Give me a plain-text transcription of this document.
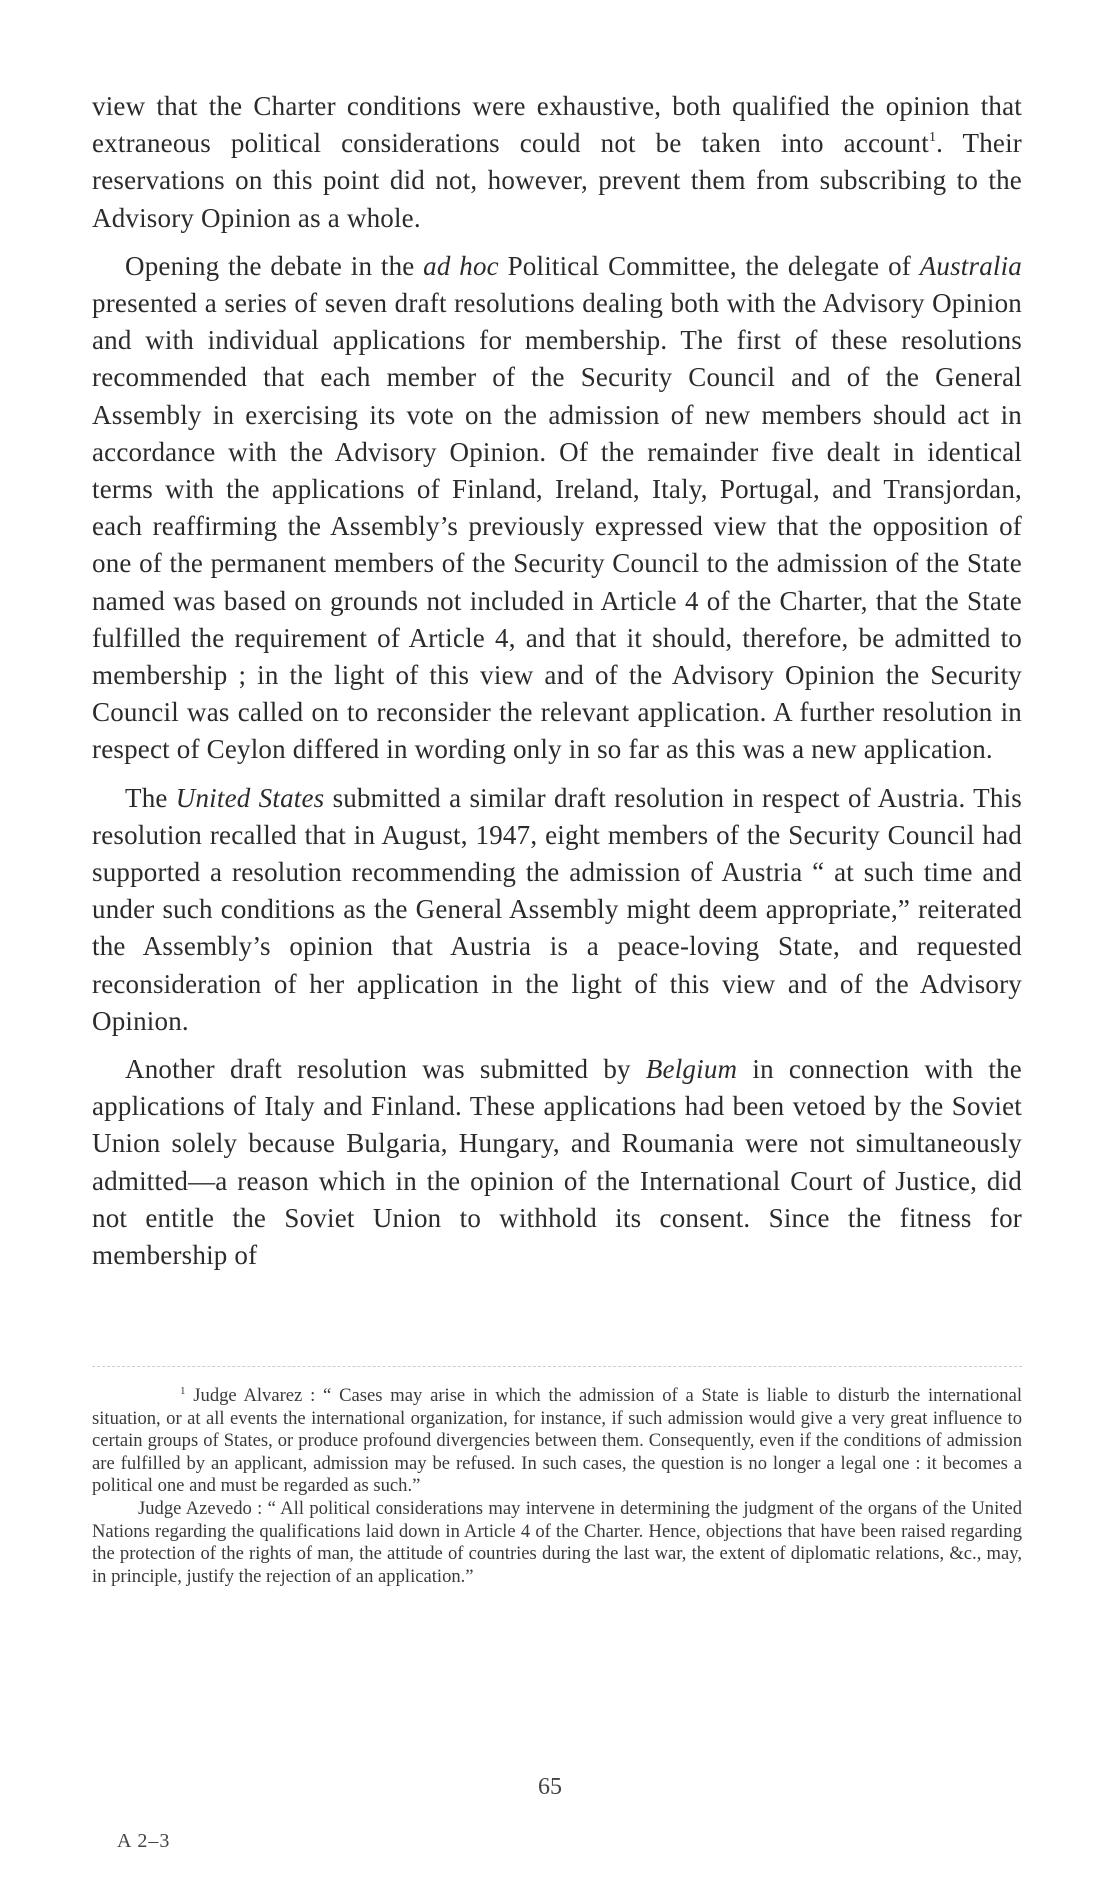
view that the Charter conditions were exhaustive, both qualified the opinion that extraneous political considerations could not be taken into account$^1$. Their reservations on this point did not, however, prevent them from subscribing to the Advisory Opinion as a whole.

Opening the debate in the ad hoc Political Committee, the delegate of Australia presented a series of seven draft resolutions dealing both with the Advisory Opinion and with individual applications for membership. The first of these resolutions recommended that each member of the Security Council and of the General Assembly in exercising its vote on the admission of new members should act in accordance with the Advisory Opinion. Of the remainder five dealt in identical terms with the applications of Finland, Ireland, Italy, Portugal, and Transjordan, each reaffirming the Assembly’s previously expressed view that the opposition of one of the permanent members of the Security Council to the admission of the State named was based on grounds not included in Article 4 of the Charter, that the State fulfilled the requirement of Article 4, and that it should, therefore, be admitted to membership ; in the light of this view and of the Advisory Opinion the Security Council was called on to reconsider the relevant application. A further resolution in respect of Ceylon differed in wording only in so far as this was a new application.

The United States submitted a similar draft resolution in respect of Austria. This resolution recalled that in August, 1947, eight members of the Security Council had supported a resolution recommending the admission of Austria “ at such time and under such conditions as the General Assembly might deem appropriate,” reiterated the Assembly’s opinion that Austria is a peace-loving State, and requested reconsideration of her application in the light of this view and of the Advisory Opinion.

Another draft resolution was submitted by Belgium in connection with the applications of Italy and Finland. These applications had been vetoed by the Soviet Union solely because Bulgaria, Hungary, and Roumania were not simultaneously admitted—a reason which in the opinion of the International Court of Justice, did not entitle the Soviet Union to withhold its consent. Since the fitness for membership of

$^1$ Judge Alvarez : “ Cases may arise in which the admission of a State is liable to disturb the international situation, or at all events the international organization, for instance, if such admission would give a very great influence to certain groups of States, or produce profound divergencies between them. Consequently, even if the conditions of admission are fulfilled by an applicant, admission may be refused. In such cases, the question is no longer a legal one : it becomes a political one and must be regarded as such.”

Judge Azevedo : “ All political considerations may intervene in determining the judgment of the organs of the United Nations regarding the qualifications laid down in Article 4 of the Charter. Hence, objections that have been raised regarding the protection of the rights of man, the attitude of countries during the last war, the extent of diplomatic relations, &c., may, in principle, justify the rejection of an application.”

65
A 2–3
